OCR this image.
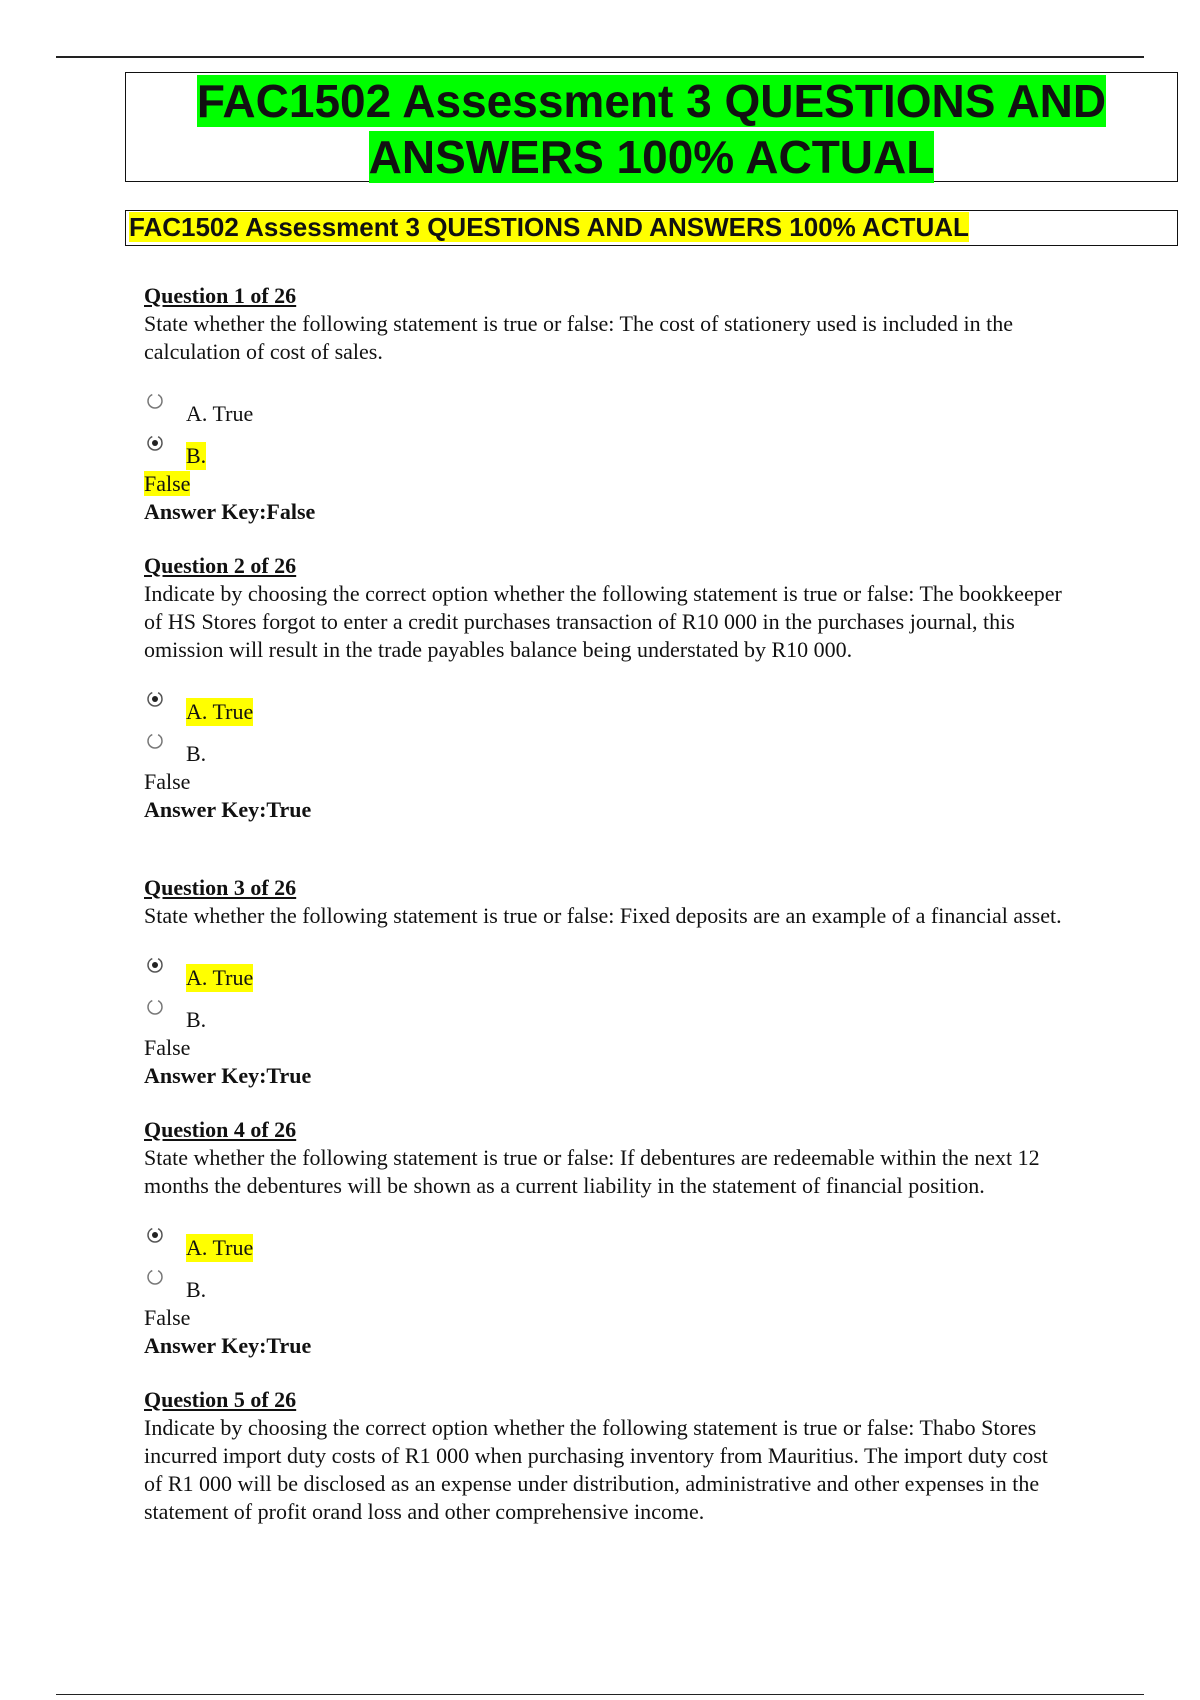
FAC1502 Assessment 3 QUESTIONS AND
ANSWERS 100% ACTUAL
FAC1502 Assessment 3 QUESTIONS AND ANSWERS 100% ACTUAL
Question 1 of 26

State whether the following statement is true or false: The cost of stationery used is included in the calculation of cost of sales.

A. True
B.
False
Answer Key:False
Question 2 of 26

Indicate by choosing the correct option whether the following statement is true or false: The bookkeeper of HS Stores forgot to enter a credit purchases transaction of R10 000 in the purchases journal, this omission will result in the trade payables balance being understated by R10 000.

A. True
B.
False
Answer Key:True
Question 3 of 26

State whether the following statement is true or false: Fixed deposits are an example of a financial asset.

A. True
B.
False
Answer Key:True
Question 4 of 26

State whether the following statement is true or false: If debentures are redeemable within the next 12 months the debentures will be shown as a current liability in the statement of financial position.

A. True
B.
False
Answer Key:True
Question 5 of 26

Indicate by choosing the correct option whether the following statement is true or false: Thabo Stores incurred import duty costs of R1 000 when purchasing inventory from Mauritius. The import duty cost of R1 000 will be disclosed as an expense under distribution, administrative and other expenses in the statement of profit orand loss and other comprehensive income.
